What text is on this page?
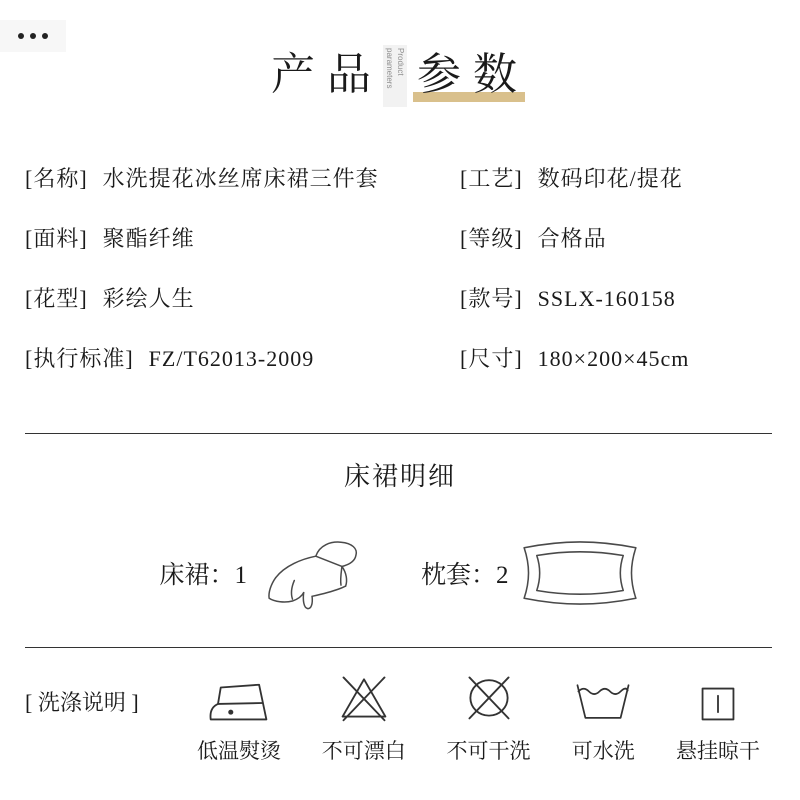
产品	Product parameters 参数
[名称] 水洗提花冰丝席床裙三件套	[工艺] 数码印花/提花
[面料] 聚酯纤维	[等级] 合格品
[花型] 彩绘人生	[款号] SSLX-160158
[执行标准] FZ/T62013-2009	[尺寸] 180×200×45cm
床裙明细
床裙：1	枕套：2
[ 洗涤说明 ]
低温熨烫 不可漂白 不可干洗 可水洗 悬挂晾干
